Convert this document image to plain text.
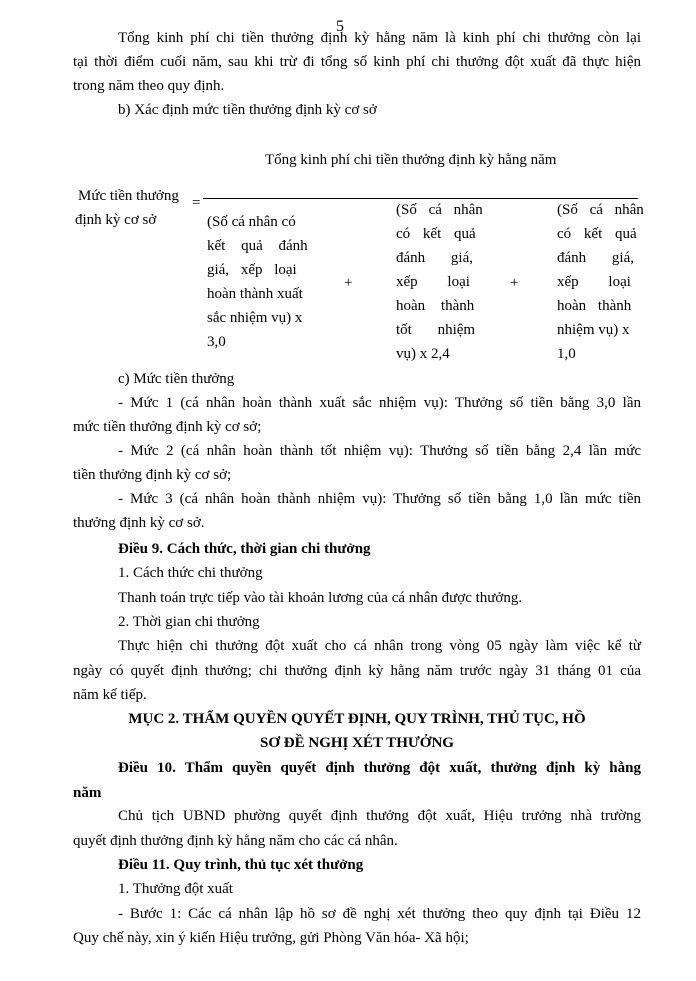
5
Tổng kinh phí chi tiền thưởng định kỳ hằng năm là kinh phí chi thưởng còn lại
tại thời điểm cuối năm, sau khi trừ đi tổng số kinh phí chi thưởng đột xuất đã thực hiện
trong năm theo quy định.
b) Xác định mức tiền thưởng định kỳ cơ sở
Tổng kinh phí chi tiền thưởng định kỳ hằng năm
Mức tiền thưởng
định kỳ cơ sở
=
(Số cá nhân có
kết quả đánh
giá, xếp loại
hoàn thành xuất
sắc nhiệm vụ) x
3,0
+
(Số cá nhân
có kết quả
đánh giá,
xếp loại
hoàn thành
tốt nhiệm
vụ) x 2,4
+
(Số cá nhân
có kết quả
đánh giá,
xếp loại
hoàn thành
nhiệm vụ) x
1,0
c) Mức tiền thưởng
- Mức 1 (cá nhân hoàn thành xuất sắc nhiệm vụ): Thưởng số tiền bằng 3,0 lần
mức tiền thưởng định kỳ cơ sở;
- Mức 2 (cá nhân hoàn thành tốt nhiệm vụ): Thưởng số tiền bằng 2,4 lần mức
tiền thưởng định kỳ cơ sở;
- Mức 3 (cá nhân hoàn thành nhiệm vụ): Thưởng số tiền bằng 1,0 lần mức tiền
thưởng định kỳ cơ sở.
Điều 9. Cách thức, thời gian chi thưởng
1. Cách thức chi thưởng
Thanh toán trực tiếp vào tài khoản lương của cá nhân được thưởng.
2. Thời gian chi thưởng
Thực hiện chi thưởng đột xuất cho cá nhân trong vòng 05 ngày làm việc kể từ
ngày có quyết định thưởng; chi thưởng định kỳ hằng năm trước ngày 31 tháng 01 của
năm kế tiếp.
MỤC 2. THẨM QUYỀN QUYẾT ĐỊNH, QUY TRÌNH, THỦ TỤC, HỒ
SƠ ĐỀ NGHỊ XÉT THƯỞNG
Điều 10. Thẩm quyền quyết định thưởng đột xuất, thưởng định kỳ hằng
năm
Chủ tịch UBND phường quyết định thưởng đột xuất, Hiệu trưởng nhà trường
quyết định thưởng định kỳ hằng năm cho các cá nhân.
Điều 11. Quy trình, thủ tục xét thưởng
1. Thưởng đột xuất
- Bước 1: Các cá nhân lập hồ sơ đề nghị xét thưởng theo quy định tại Điều 12
Quy chế này, xin ý kiến Hiệu trưởng, gửi Phòng Văn hóa- Xã hội;
